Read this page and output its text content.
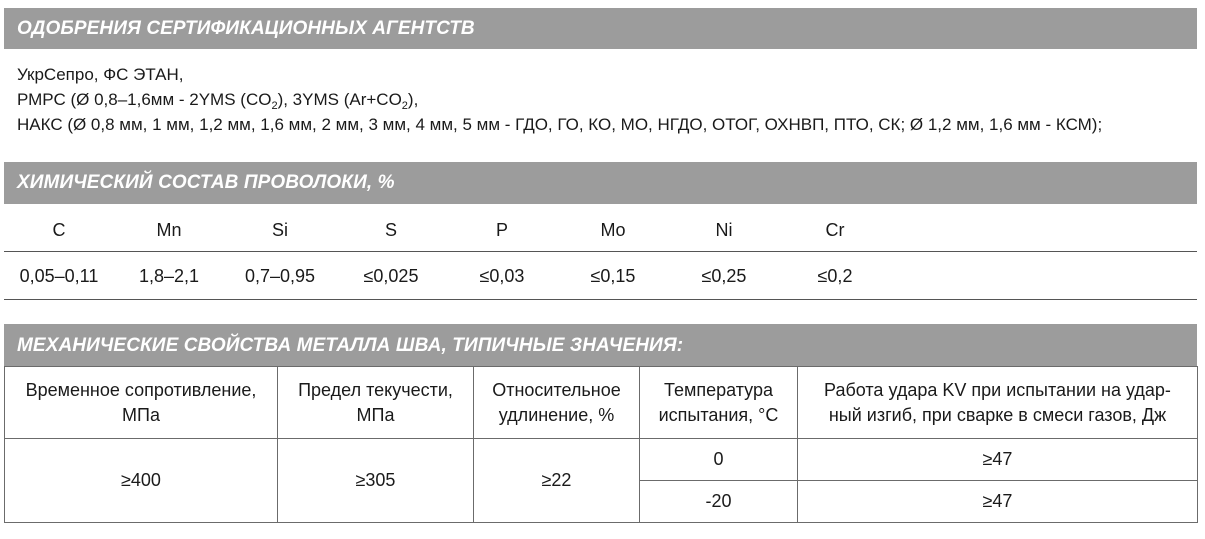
ОДОБРЕНИЯ СЕРТИФИКАЦИОННЫХ АГЕНТСТВ
УкрСепро, ФС ЭТАН,
РМРС (Ø 0,8–1,6мм - 2YMS $(CO_2)$, 3YMS $(Ar+CO_2)$,
НАКС (Ø 0,8 мм, 1 мм, 1,2 мм, 1,6 мм, 2 мм, 3 мм, 4 мм, 5 мм - ГДО, ГО, КО, МО, НГДО, ОТОГ, ОХНВП, ПТО, СК; Ø 1,2 мм, 1,6 мм - КСМ);
ХИМИЧЕСКИЙ СОСТАВ ПРОВОЛОКИ, %
C	Mn	Si	S	P	Mo	Ni	Cr
0,05–0,11	1,8–2,1	0,7–0,95	≤0,025	≤0,03	≤0,15	≤0,25	≤0,2
МЕХАНИЧЕСКИЕ СВОЙСТВА МЕТАЛЛА ШВА, ТИПИЧНЫЕ ЗНАЧЕНИЯ:
Временное сопротивление,
МПа	Предел текучести,
МПа	Относительное
удлинение, %	Температура
испытания, °С	Работа удара KV при испытании на удар-
ный изгиб, при сварке в смеси газов, Дж
≥400	≥305	≥22	0	≥47
			-20	≥47
